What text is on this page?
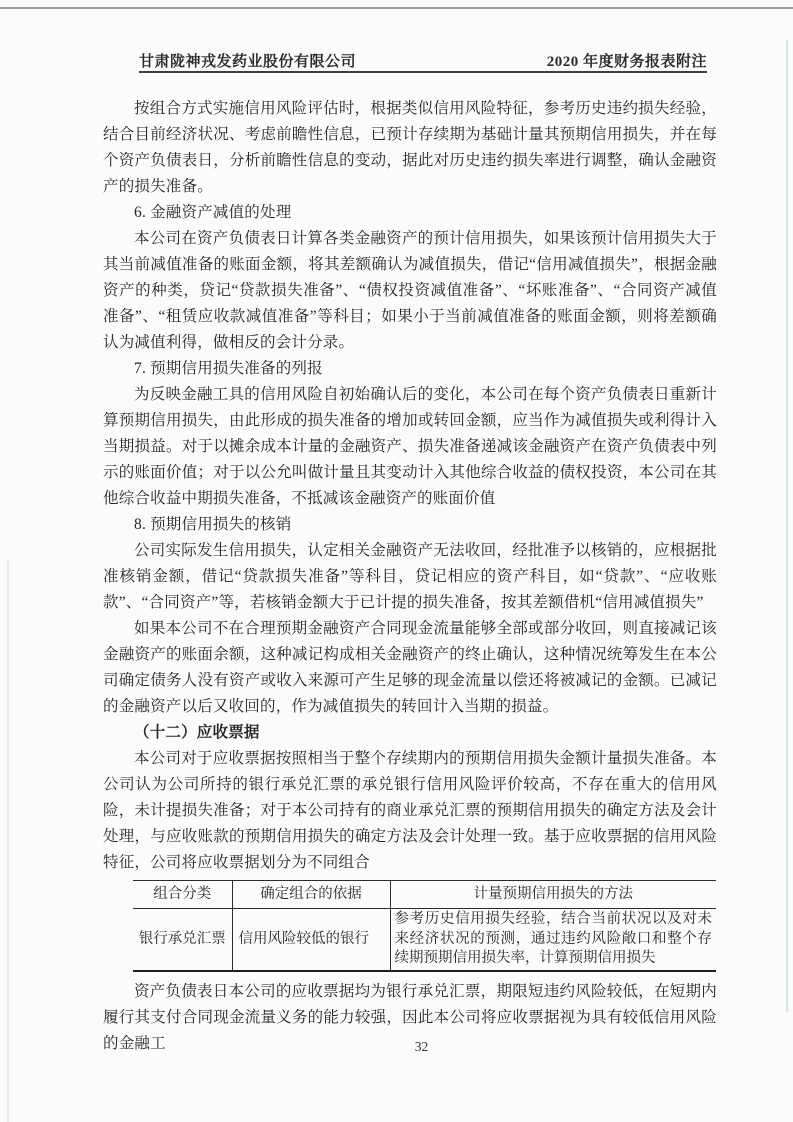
甘肃陇神戎发药业股份有限公司	2020 年度财务报表附注

按组合方式实施信用风险评估时，根据类似信用风险特征，参考历史违约损失经验，结合目前经济状况、考虑前瞻性信息，已预计存续期为基础计量其预期信用损失，并在每个资产负债表日，分析前瞻性信息的变动，据此对历史违约损失率进行调整，确认金融资产的损失准备。

6. 金融资产减值的处理

本公司在资产负债表日计算各类金融资产的预计信用损失，如果该预计信用损失大于其当前减值准备的账面金额，将其差额确认为减值损失，借记“信用减值损失”，根据金融资产的种类，贷记“贷款损失准备”、“债权投资减值准备”、“坏账准备”、“合同资产减值准备”、“租赁应收款减值准备”等科目；如果小于当前减值准备的账面金额，则将差额确认为减值利得，做相反的会计分录。

7. 预期信用损失准备的列报

为反映金融工具的信用风险自初始确认后的变化，本公司在每个资产负债表日重新计算预期信用损失，由此形成的损失准备的增加或转回金额，应当作为减值损失或利得计入当期损益。对于以摊余成本计量的金融资产、损失准备递减该金融资产在资产负债表中列示的账面价值；对于以公允叫做计量且其变动计入其他综合收益的债权投资，本公司在其他综合收益中期损失准备，不抵减该金融资产的账面价值

8. 预期信用损失的核销

公司实际发生信用损失，认定相关金融资产无法收回，经批准予以核销的，应根据批准核销金额，借记“贷款损失准备”等科目，贷记相应的资产科目，如“贷款”、“应收账款”、“合同资产”等，若核销金额大于已计提的损失准备，按其差额借机“信用减值损失”

如果本公司不在合理预期金融资产合同现金流量能够全部或部分收回，则直接减记该金融资产的账面余额，这种减记构成相关金融资产的终止确认，这种情况统筹发生在本公司确定债务人没有资产或收入来源可产生足够的现金流量以偿还将被减记的金额。已减记的金融资产以后又收回的，作为减值损失的转回计入当期的损益。

（十二）应收票据

本公司对于应收票据按照相当于整个存续期内的预期信用损失金额计量损失准备。本公司认为公司所持的银行承兑汇票的承兑银行信用风险评价较高，不存在重大的信用风险，未计提损失准备；对于本公司持有的商业承兑汇票的预期信用损失的确定方法及会计处理，与应收账款的预期信用损失的确定方法及会计处理一致。基于应收票据的信用风险特征，公司将应收票据划分为不同组合

组合分类	确定组合的依据	计量预期信用损失的方法
银行承兑汇票	信用风险较低的银行	参考历史信用损失经验，结合当前状况以及对未来经济状况的预测，通过违约风险敞口和整个存续期预期信用损失率，计算预期信用损失

资产负债表日本公司的应收票据均为银行承兑汇票，期限短违约风险较低，在短期内履行其支付合同现金流量义务的能力较强，因此本公司将应收票据视为具有较低信用风险的金融工	32
